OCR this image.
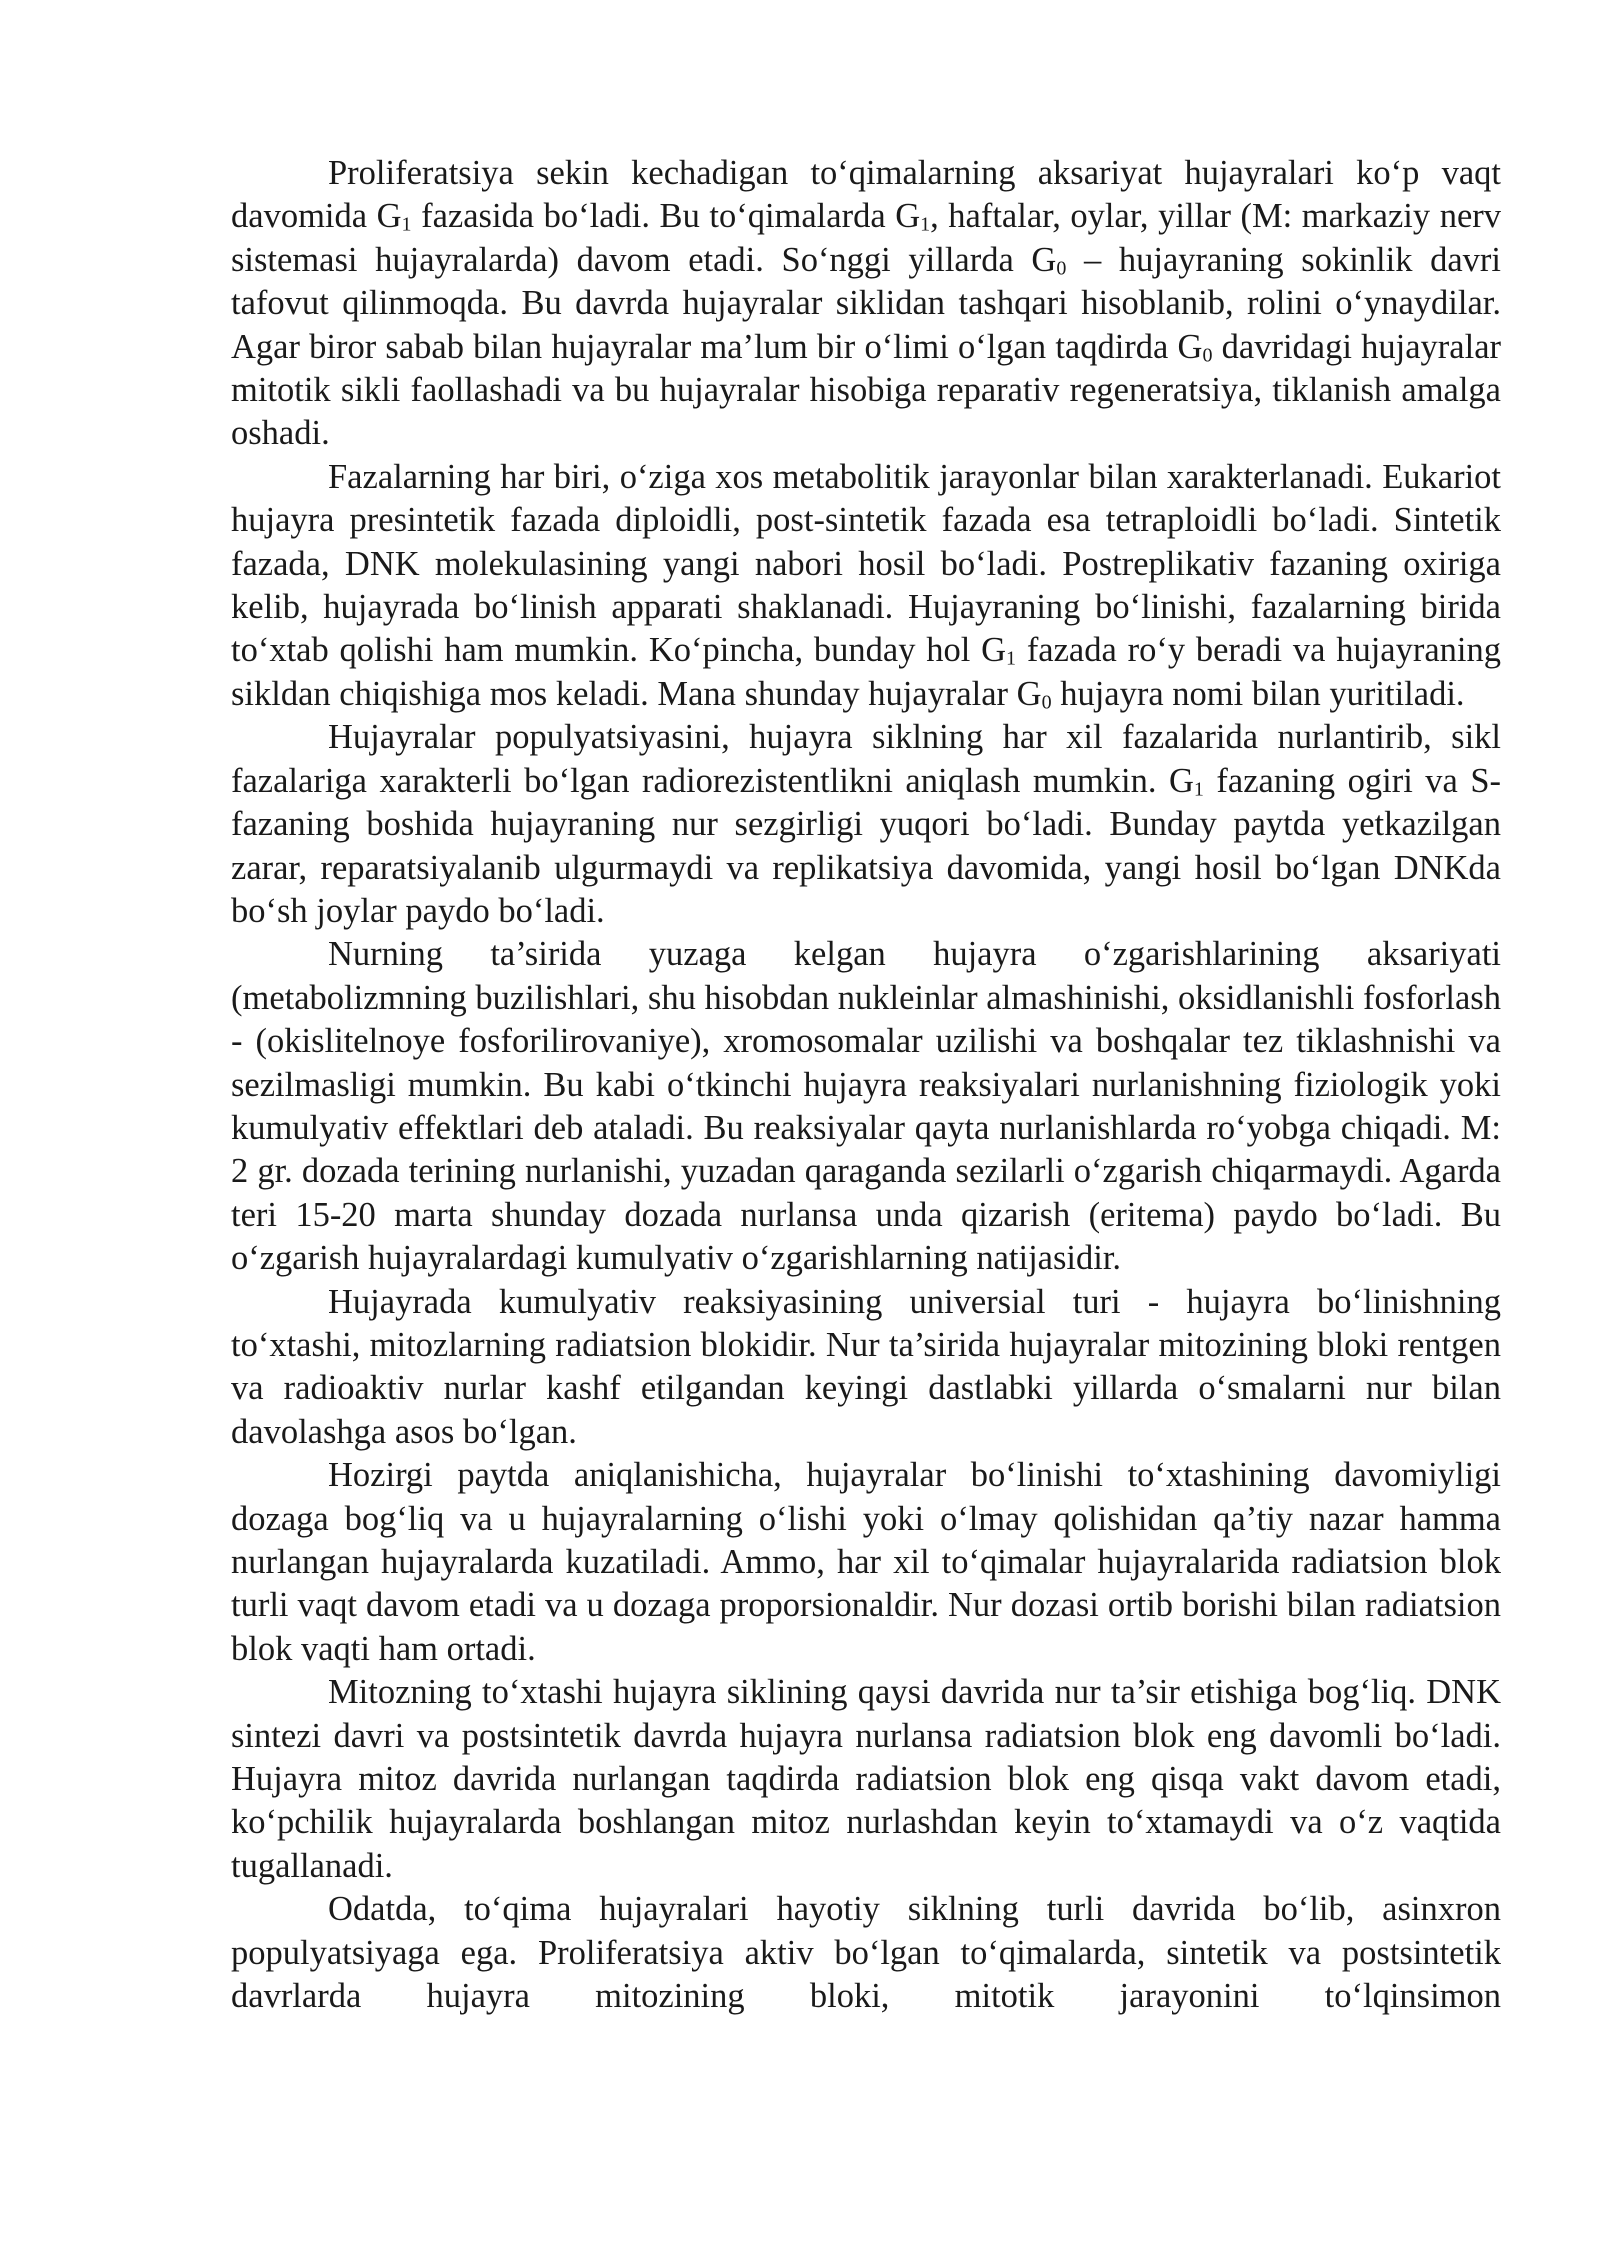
Proliferatsiya sekin kechadigan to‘qimalarning aksariyat hujayralari ko‘p vaqt davomida $G_1$ fazasida bo‘ladi. Bu to‘qimalarda $G_1$, haftalar, oylar, yillar (M: markaziy nerv sistemasi hujayralarda) davom etadi. So‘nggi yillarda $G_0$ – hujayraning sokinlik davri tafovut qilinmoqda. Bu davrda hujayralar siklidan tashqari hisoblanib, rolini o‘ynaydilar. Agar biror sabab bilan hujayralar ma’lum bir o‘limi o‘lgan taqdirda $G_0$ davridagi hujayralar mitotik sikli faollashadi va bu hujayralar hisobiga reparativ regeneratsiya, tiklanish amalga oshadi.

Fazalarning har biri, o‘ziga xos metabolitik jarayonlar bilan xarakterlanadi. Eukariot hujayra presintetik fazada diploidli, post-sintetik fazada esa tetraploidli bo‘ladi. Sintetik fazada, DNK molekulasining yangi nabori hosil bo‘ladi. Postreplikativ fazaning oxiriga kelib, hujayrada bo‘linish apparati shaklanadi. Hujayraning bo‘linishi, fazalarning birida to‘xtab qolishi ham mumkin. Ko‘pincha, bunday hol $G_1$ fazada ro‘y beradi va hujayraning sikldan chiqishiga mos keladi. Mana shunday hujayralar $G_0$ hujayra nomi bilan yuritiladi.

Hujayralar populyatsiyasini, hujayra siklning har xil fazalarida nurlantirib, sikl fazalariga xarakterli bo‘lgan radiorezistentlikni aniqlash mumkin. $G_1$ fazaning ogiri va S- fazaning boshida hujayraning nur sezgirligi yuqori bo‘ladi. Bunday paytda yetkazilgan zarar, reparatsiyalanib ulgurmaydi va replikatsiya davomida, yangi hosil bo‘lgan DNKda bo‘sh joylar paydo bo‘ladi.

Nurning ta’sirida yuzaga kelgan hujayra o‘zgarishlarining aksariyati (metabolizmning buzilishlari, shu hisobdan nukleinlar almashinishi, oksidlanishli fosforlash - (okislitelnoye fosforilirovaniye), xromosomalar uzilishi va boshqalar tez tiklashnishi va sezilmasligi mumkin. Bu kabi o‘tkinchi hujayra reaksiyalari nurlanishning fiziologik yoki kumulyativ effektlari deb ataladi. Bu reaksiyalar qayta nurlanishlarda ro‘yobga chiqadi. M: 2 gr. dozada terining nurlanishi, yuzadan qaraganda sezilarli o‘zgarish chiqarmaydi. Agarda teri 15-20 marta shunday dozada nurlansa unda qizarish (eritema) paydo bo‘ladi. Bu o‘zgarish hujayralardagi kumulyativ o‘zgarishlarning natijasidir.

Hujayrada kumulyativ reaksiyasining universial turi - hujayra bo‘linishning to‘xtashi, mitozlarning radiatsion blokidir. Nur ta’sirida hujayralar mitozining bloki rentgen va radioaktiv nurlar kashf etilgandan keyingi dastlabki yillarda o‘smalarni nur bilan davolashga asos bo‘lgan.

Hozirgi paytda aniqlanishicha, hujayralar bo‘linishi to‘xtashining davomiyligi dozaga bog‘liq va u hujayralarning o‘lishi yoki o‘lmay qolishidan qa’tiy nazar hamma nurlangan hujayralarda kuzatiladi. Ammo, har xil to‘qimalar hujayralarida radiatsion blok turli vaqt davom etadi va u dozaga proporsionaldir. Nur dozasi ortib borishi bilan radiatsion blok vaqti ham ortadi.

Mitozning to‘xtashi hujayra siklining qaysi davrida nur ta’sir etishiga bog‘liq. DNK sintezi davri va postsintetik davrda hujayra nurlansa radiatsion blok eng davomli bo‘ladi. Hujayra mitoz davrida nurlangan taqdirda radiatsion blok eng qisqa vakt davom etadi, ko‘pchilik hujayralarda boshlangan mitoz nurlashdan keyin to‘xtamaydi va o‘z vaqtida tugallanadi.

Odatda, to‘qima hujayralari hayotiy siklning turli davrida bo‘lib, asinxron populyatsiyaga ega. Proliferatsiya aktiv bo‘lgan to‘qimalarda, sintetik va postsintetik davrlarda hujayra mitozining bloki, mitotik jarayonini to‘lqinsimon
